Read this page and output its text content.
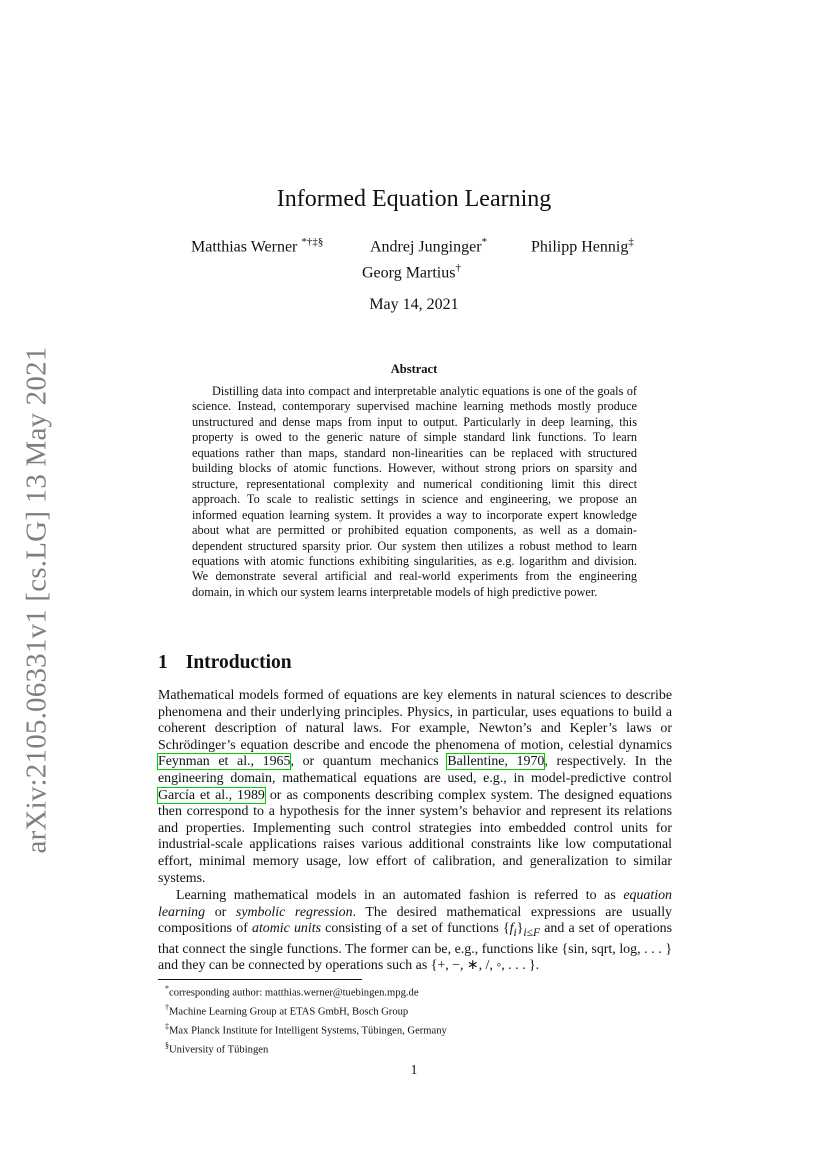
arXiv:2105.06331v1 [cs.LG] 13 May 2021
Informed Equation Learning
Matthias Werner *†‡§	Andrej Junginger*	Philipp Hennig‡
Georg Martius†
May 14, 2021
Abstract
Distilling data into compact and interpretable analytic equations is one of the goals of science. Instead, contemporary supervised machine learning methods mostly produce unstructured and dense maps from input to output. Particularly in deep learning, this property is owed to the generic nature of simple standard link functions. To learn equations rather than maps, standard non-linearities can be replaced with structured building blocks of atomic functions. However, without strong priors on sparsity and structure, representational complexity and numerical conditioning limit this direct approach. To scale to realistic settings in science and engineering, we propose an informed equation learning system. It provides a way to incorporate expert knowledge about what are permitted or prohibited equation components, as well as a domain-dependent structured sparsity prior. Our system then utilizes a robust method to learn equations with atomic functions exhibiting singularities, as e.g. logarithm and division. We demonstrate several artificial and real-world experiments from the engineering domain, in which our system learns interpretable models of high predictive power.
1 Introduction
Mathematical models formed of equations are key elements in natural sciences to describe phenomena and their underlying principles. Physics, in particular, uses equations to build a coherent description of natural laws. For example, Newton’s and Kepler’s laws or Schrödinger’s equation describe and encode the phenomena of motion, celestial dynamics Feynman et al., 1965, or quantum mechanics Ballentine, 1970, respectively. In the engineering domain, mathematical equations are used, e.g., in model-predictive control García et al., 1989 or as components describing complex system. The designed equations then correspond to a hypothesis for the inner system’s behavior and represent its relations and properties. Implementing such control strategies into embedded control units for industrial-scale applications raises various additional constraints like low computational effort, minimal memory usage, low effort of calibration, and generalization to similar systems.
Learning mathematical models in an automated fashion is referred to as equation learning or symbolic regression. The desired mathematical expressions are usually compositions of atomic units consisting of a set of functions $\{f_i\}_{i\le F}$ and a set of operations that connect the single functions. The former can be, e.g., functions like {sin, sqrt, log, . . . } and they can be connected by operations such as {+, −, ∗, /, ◦, . . . }.
*corresponding author: matthias.werner@tuebingen.mpg.de
†Machine Learning Group at ETAS GmbH, Bosch Group
‡Max Planck Institute for Intelligent Systems, Tübingen, Germany
§University of Tübingen
1
